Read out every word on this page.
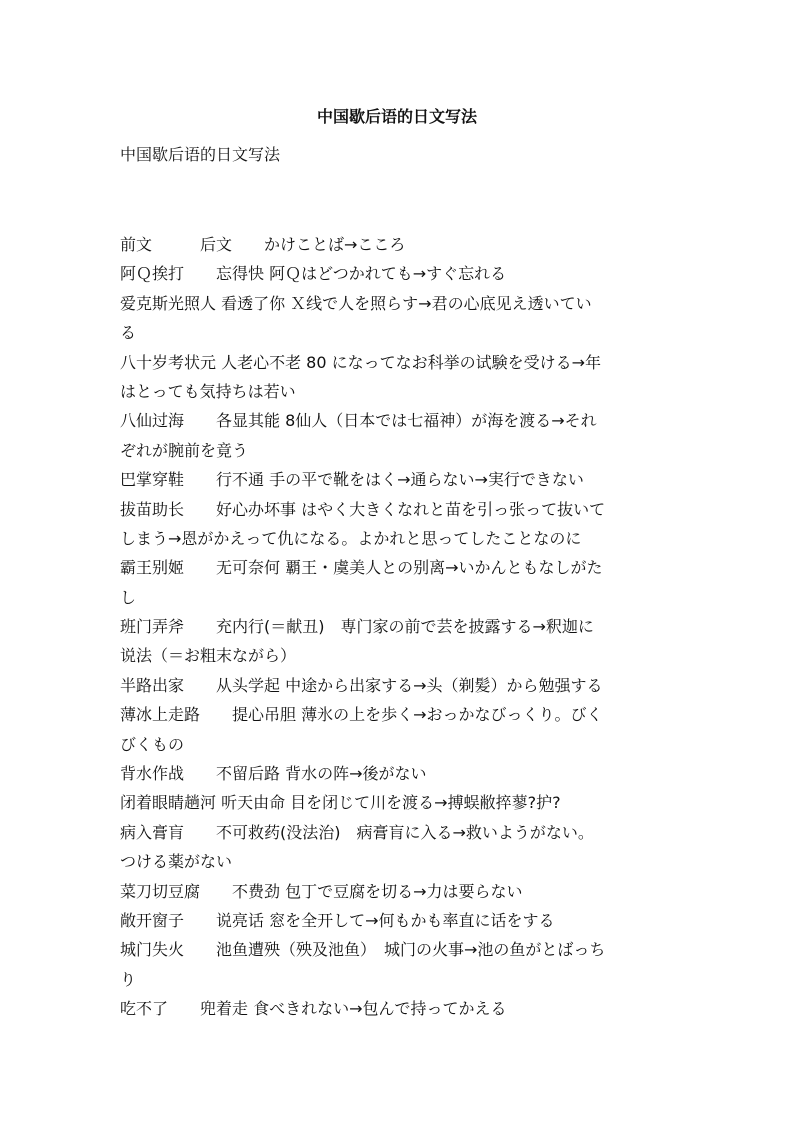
中国歇后语的日文写法
中国歇后语的日文写法
前文　　　后文　　かけことば→こころ
阿Ｑ挨打　　忘得快 阿Ｑはどつかれても→すぐ忘れる
爱克斯光照人 看透了你 Ｘ线で人を照らす→君の心底见え透いてい
る
八十岁考状元 人老心不老 80 になってなお科挙の试験を受ける→年
はとっても気持ちは若い
八仙过海　　各显其能 8仙人（日本では七福神）が海を渡る→それ
ぞれが腕前を竟う
巴掌穿鞋　　行不通 手の平で靴をはく→通らない→実行できない
拔苗助长　　好心办坏事 はやく大きくなれと苗を引っ张って抜いて
しまう→恩がかえって仇になる。よかれと思ってしたことなのに
霸王别姬　　无可奈何 覇王・虞美人との别离→いかんともなしがた
し
班门弄斧　　充内行(＝献丑)　専门家の前で芸を披露する→釈迦に
说法（＝お粗末ながら）
半路出家　　从头学起 中途から出家する→头（剃髪）から勉强する
薄冰上走路　　提心吊胆 薄氷の上を歩く→おっかなびっくり。びく
びくもの
背水作战　　不留后路 背水の阵→後がない
闭着眼睛趟河 听天由命 目を闭じて川を渡る→搏蜈敝捽蓼?护?
病入膏肓　　不可救药(没法治)　病膏肓に入る→救いようがない。
つける薬がない
菜刀切豆腐　　不费劲 包丁で豆腐を切る→力は要らない
敞开窗子　　说亮话 窓を全开して→何もかも率直に话をする
城门失火　　池鱼遭殃（殃及池鱼）　城门の火事→池の鱼がとばっち
り
吃不了　　兜着走 食べきれない→包んで持ってかえる
